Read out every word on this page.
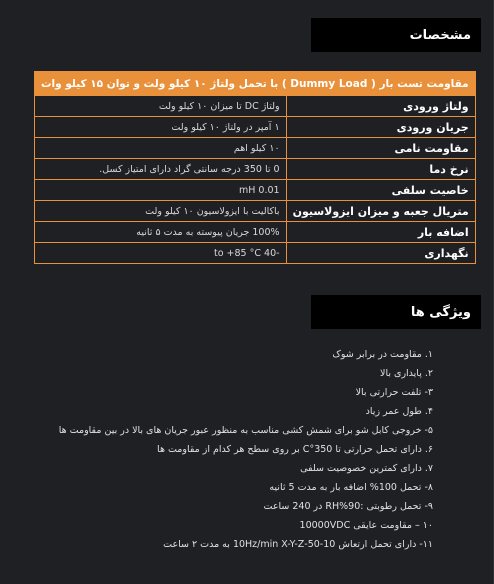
مشخصات
مقاومت تست بار ( Dummy Load ) با تحمل ولتاژ ۱۰ کیلو ولت و توان ۱۵ کیلو وات	
ولتاژ ورودی	ولتاژ DC تا میزان ۱۰ کیلو ولت
جریان ورودی	۱ آمپر در ولتاژ ۱۰ کیلو ولت
مقاومت نامی	۱۰ کیلو اهم
نرخ دما	0 تا 350 درجه سانتی گراد دارای امتیاز کسل.
خاصیت سلفی	0.01 mH
متریال جعبه و میزان ایزولاسیون	باکالیت با ایزولاسیون ۱۰ کیلو ولت
اضافه بار	100% جریان پیوسته به مدت ۵ ثانیه
نگهداری	-40 to +85 °C
ویژگی ها
۱. مقاومت در برابر شوک
۲. پایداری بالا
۳- تلفت حرارتی بالا
۴. طول عمر زیاد
۵- خروجی کابل شو برای شمش کشی مناسب به منظور عبور جریان های بالا در بین مقاومت ها
۶. دارای تحمل حرارتی تا 350°C بر روی سطح هر کدام از مقاومت ها
۷. دارای کمترین خصوصیت سلفی
۸- تحمل 100% اضافه بار به مدت 5 ثانیه
۹- تحمل رطوبتی :RH%90 در 240 ساعت
۱۰ – مقاومت عایقی 10000VDC
۱۱- دارای تحمل ارتعاش 10-50-10Hz/min X-Y-Z به مدت ۲ ساعت
